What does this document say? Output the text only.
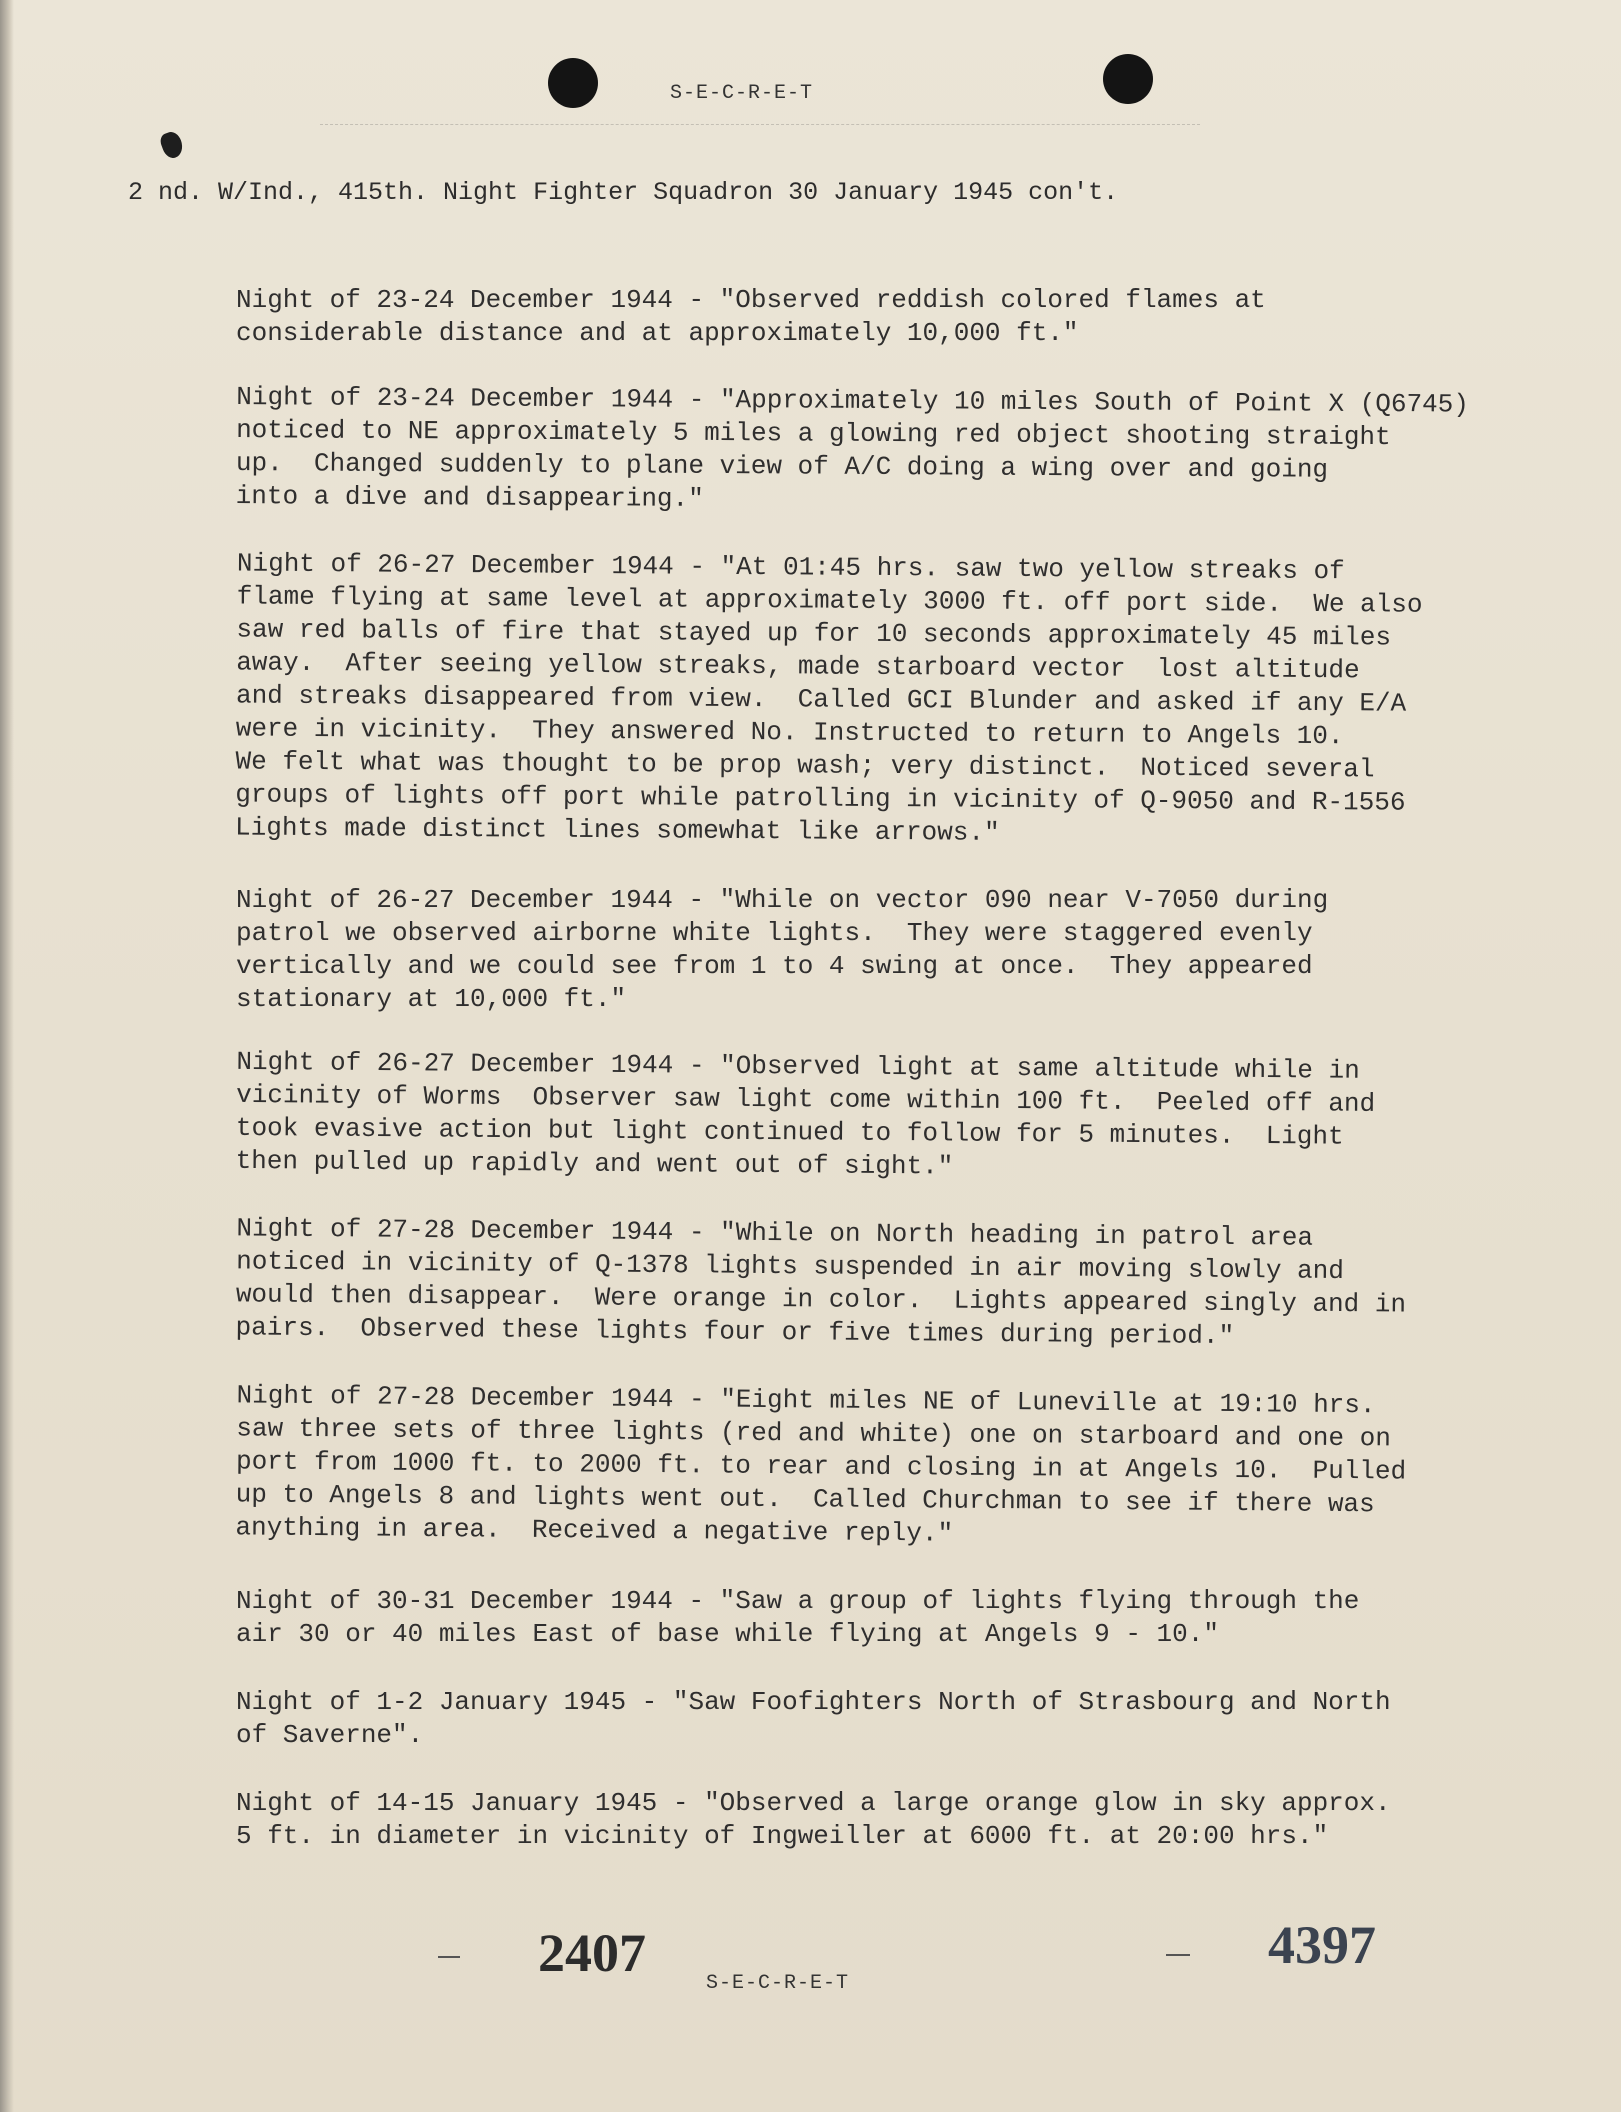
S-E-C-R-E-T
2 nd. W/Ind., 415th. Night Fighter Squadron 30 January 1945 con't.

Night of 23-24 December 1944 - "Observed reddish colored flames at

considerable distance and at approximately 10,000 ft."

Night of 23-24 December 1944 - "Approximately 10 miles South of Point X (Q6745)

noticed to NE approximately 5 miles a glowing red object shooting straight

up.  Changed suddenly to plane view of A/C doing a wing over and going

into a dive and disappearing."

Night of 26-27 December 1944 - "At 01:45 hrs. saw two yellow streaks of

flame flying at same level at approximately 3000 ft. off port side.  We also

saw red balls of fire that stayed up for 10 seconds approximately 45 miles

away.  After seeing yellow streaks, made starboard vector  lost altitude

and streaks disappeared from view.  Called GCI Blunder and asked if any E/A

were in vicinity.  They answered No. Instructed to return to Angels 10.

We felt what was thought to be prop wash; very distinct.  Noticed several

groups of lights off port while patrolling in vicinity of Q-9050 and R-1556

Lights made distinct lines somewhat like arrows."

Night of 26-27 December 1944 - "While on vector 090 near V-7050 during

patrol we observed airborne white lights.  They were staggered evenly

vertically and we could see from 1 to 4 swing at once.  They appeared

stationary at 10,000 ft."

Night of 26-27 December 1944 - "Observed light at same altitude while in

vicinity of Worms  Observer saw light come within 100 ft.  Peeled off and

took evasive action but light continued to follow for 5 minutes.  Light

then pulled up rapidly and went out of sight."

Night of 27-28 December 1944 - "While on North heading in patrol area

noticed in vicinity of Q-1378 lights suspended in air moving slowly and

would then disappear.  Were orange in color.  Lights appeared singly and in

pairs.  Observed these lights four or five times during period."

Night of 27-28 December 1944 - "Eight miles NE of Luneville at 19:10 hrs.

saw three sets of three lights (red and white) one on starboard and one on

port from 1000 ft. to 2000 ft. to rear and closing in at Angels 10.  Pulled

up to Angels 8 and lights went out.  Called Churchman to see if there was

anything in area.  Received a negative reply."

Night of 30-31 December 1944 - "Saw a group of lights flying through the

air 30 or 40 miles East of base while flying at Angels 9 - 10."

Night of 1-2 January 1945 - "Saw Foofighters North of Strasbourg and North

of Saverne".

Night of 14-15 January 1945 - "Observed a large orange glow in sky approx.

5 ft. in diameter in vicinity of Ingweiller at 6000 ft. at 20:00 hrs."

2407
S-E-C-R-E-T
4397
